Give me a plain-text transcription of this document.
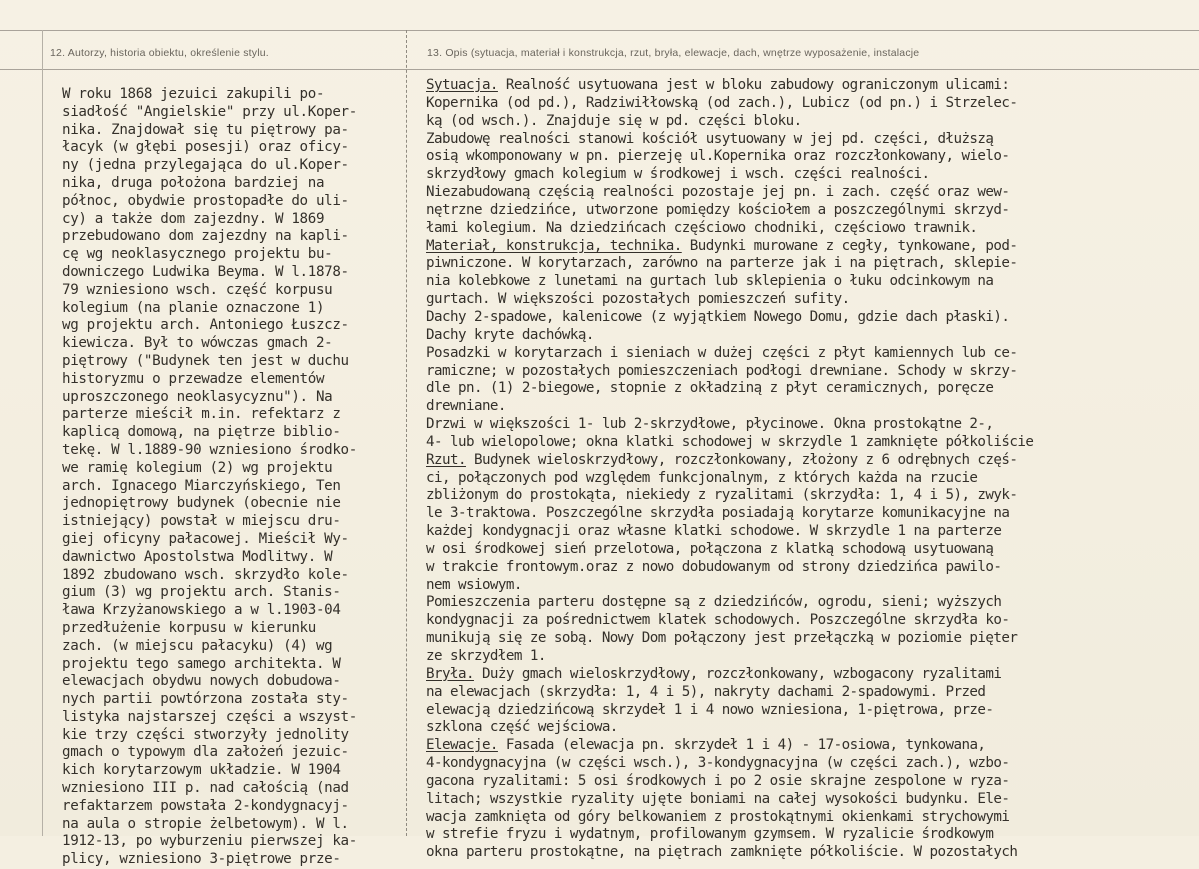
12. Autorzy, historia obiektu, określenie stylu.	13. Opis (sytuacja, materiał i konstrukcja, rzut, bryła, elewacje, dach, wnętrze wyposażenie, instalacje
W roku 1868 jezuici zakupili po-
siadłość "Angielskie" przy ul.Koper-
nika. Znajdował się tu piętrowy pa-
łacyk (w głębi posesji) oraz oficy-
ny (jedna przylegająca do ul.Koper-
nika, druga położona bardziej na
północ, obydwie prostopadłe do uli-
cy) a także dom zajezdny. W 1869
przebudowano dom zajezdny na kapli-
cę wg neoklasycznego projektu bu-
downiczego Ludwika Beyma. W l.1878-
79 wzniesiono wsch. część korpusu
kolegium (na planie oznaczone 1)
wg projektu arch. Antoniego Łuszcz-
kiewicza. Był to wówczas gmach 2-
piętrowy ("Budynek ten jest w duchu
historyzmu o przewadze elementów
uproszczonego neoklasycyznu"). Na
parterze mieścił m.in. refektarz z
kaplicą domową, na piętrze biblio-
tekę. W l.1889-90 wzniesiono środko-
we ramię kolegium (2) wg projektu
arch. Ignacego Miarczyńskiego, Ten
jednopiętrowy budynek (obecnie nie
istniejący) powstał w miejscu dru-
giej oficyny pałacowej. Mieścił Wy-
dawnictwo Apostolstwa Modlitwy. W
1892 zbudowano wsch. skrzydło kole-
gium (3) wg projektu arch. Stanis-
ława Krzyżanowskiego a w l.1903-04
przedłużenie korpusu w kierunku
zach. (w miejscu pałacyku) (4) wg
projektu tego samego architekta. W
elewacjach obydwu nowych dobudowa-
nych partii powtórzona została sty-
listyka najstarszej części a wszyst-
kie trzy części stworzyły jednolity
gmach o typowym dla założeń jezuic-
kich korytarzowym układzie. W 1904
wzniesiono III p. nad całością (nad
refaktarzem powstała 2-kondygnacyj-
na aula o stropie żelbetowym). W l.
1912-13, po wyburzeniu pierwszej ka-
plicy, wzniesiono 3-piętrowe prze-
Sytuacja. Realność usytuowana jest w bloku zabudowy ograniczonym ulicami:
Kopernika (od pd.), Radziwiłłowską (od zach.), Lubicz (od pn.) i Strzelec-
ką (od wsch.). Znajduje się w pd. części bloku.
Zabudowę realności stanowi kościół usytuowany w jej pd. części, dłuższą
osią wkomponowany w pn. pierzeję ul.Kopernika oraz rozczłonkowany, wielo-
skrzydłowy gmach kolegium w środkowej i wsch. części realności.
Niezabudowaną częścią realności pozostaje jej pn. i zach. część oraz wew-
nętrzne dziedzińce, utworzone pomiędzy kościołem a poszczególnymi skrzyd-
łami kolegium. Na dziedzińcach częściowo chodniki, częściowo trawnik.
Materiał, konstrukcja, technika. Budynki murowane z cegły, tynkowane, pod-
piwniczone. W korytarzach, zarówno na parterze jak i na piętrach, sklepie-
nia kolebkowe z lunetami na gurtach lub sklepienia o łuku odcinkowym na
gurtach. W większości pozostałych pomieszczeń sufity.
Dachy 2-spadowe, kalenicowe (z wyjątkiem Nowego Domu, gdzie dach płaski).
Dachy kryte dachówką.
Posadzki w korytarzach i sieniach w dużej części z płyt kamiennych lub ce-
ramiczne; w pozostałych pomieszczeniach podłogi drewniane. Schody w skrzy-
dle pn. (1) 2-biegowe, stopnie z okładziną z płyt ceramicznych, poręcze
drewniane.
Drzwi w większości 1- lub 2-skrzydłowe, płycinowe. Okna prostokątne 2-,
4- lub wielopolowe; okna klatki schodowej w skrzydle 1 zamknięte półkoliście
Rzut. Budynek wieloskrzydłowy, rozczłonkowany, złożony z 6 odrębnych częś-
ci, połączonych pod względem funkcjonalnym, z których każda na rzucie
zbliżonym do prostokąta, niekiedy z ryzalitami (skrzydła: 1, 4 i 5), zwyk-
le 3-traktowa. Poszczególne skrzydła posiadają korytarze komunikacyjne na
każdej kondygnacji oraz własne klatki schodowe. W skrzydle 1 na parterze
w osi środkowej sień przelotowa, połączona z klatką schodową usytuowaną
w trakcie frontowym.oraz z nowo dobudowanym od strony dziedzińca pawilo-
nem wsiowym.
Pomieszczenia parteru dostępne są z dziedzińców, ogrodu, sieni; wyższych
kondygnacji za pośrednictwem klatek schodowych. Poszczególne skrzydła ko-
munikują się ze sobą. Nowy Dom połączony jest przełączką w poziomie pięter
ze skrzydłem 1.
Bryła. Duży gmach wieloskrzydłowy, rozczłonkowany, wzbogacony ryzalitami
na elewacjach (skrzydła: 1, 4 i 5), nakryty dachami 2-spadowymi. Przed
elewacją dziedzińcową skrzydeł 1 i 4 nowo wzniesiona, 1-piętrowa, prze-
szklona część wejściowa.
Elewacje. Fasada (elewacja pn. skrzydeł 1 i 4) - 17-osiowa, tynkowana,
4-kondygnacyjna (w części wsch.), 3-kondygnacyjna (w części zach.), wzbo-
gacona ryzalitami: 5 osi środkowych i po 2 osie skrajne zespolone w ryza-
litach; wszystkie ryzality ujęte boniami na całej wysokości budynku. Ele-
wacja zamknięta od góry belkowaniem z prostokątnymi okienkami strychowymi
w strefie fryzu i wydatnym, profilowanym gzymsem. W ryzalicie środkowym
okna parteru prostokątne, na piętrach zamknięte półkoliście. W pozostałych
